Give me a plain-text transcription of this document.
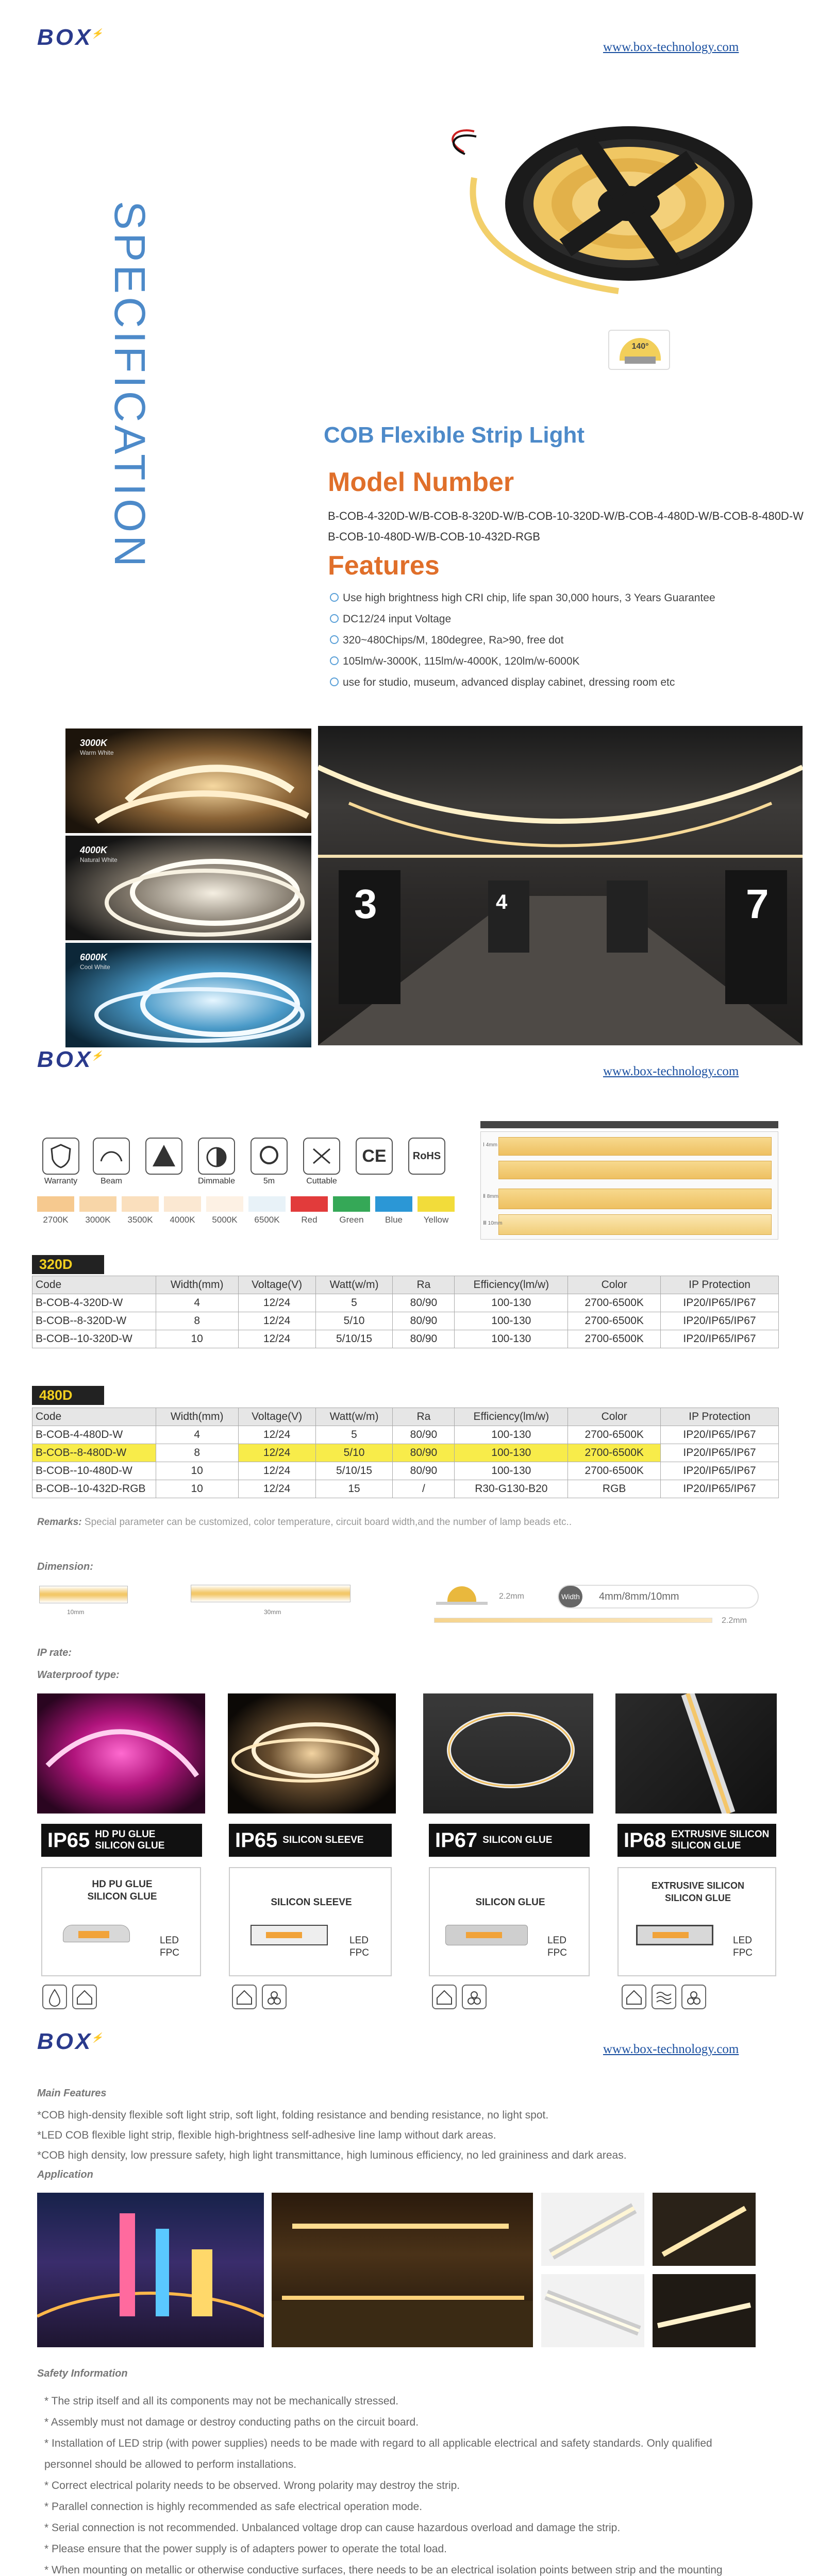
BOX⚡
www.box-technology.com
SPECIFICATION	140°
COB Flexible Strip Light
Model Number
B-COB-4-320D-W/B-COB-8-320D-W/B-COB-10-320D-W/B-COB-4-480D-W/B-COB-8-480D-W
B-COB-10-480D-W/B-COB-10-432D-RGB
Features
Use high brightness high CRI chip, life span 30,000 hours, 3 Years Guarantee
DC12/24 input Voltage
320~480Chips/M, 180degree, Ra>90, free dot
105lm/w-3000K, 115lm/w-4000K, 120lm/w-6000K
use for studio, museum, advanced display cabinet, dressing room etc
3000K
Warm White
4000K
Natural White
6000K
Cool White
3	4	7
BOX⚡
www.box-technology.com
CE	RoHS
Warranty	Beam	Dimmable	5m	Cuttable
2700K	3000K	3500K	4000K	5000K	6500K	Red	Green	Blue	Yellow
Ⅰ 4mm
Ⅱ 8mm
Ⅲ 10mm
320D
Code	Width(mm)	Voltage(V)	Watt(w/m)	Ra	Efficiency(lm/w)	Color	IP Protection
B-COB-4-320D-W	4	12/24	5	80/90	100-130	2700-6500K	IP20/IP65/IP67
B-COB--8-320D-W	8	12/24	5/10	80/90	100-130	2700-6500K	IP20/IP65/IP67
B-COB--10-320D-W	10	12/24	5/10/15	80/90	100-130	2700-6500K	IP20/IP65/IP67
480D
Code	Width(mm)	Voltage(V)	Watt(w/m)	Ra	Efficiency(lm/w)	Color	IP Protection
B-COB-4-480D-W	4	12/24	5	80/90	100-130	2700-6500K	IP20/IP65/IP67
B-COB--8-480D-W	8	12/24	5/10	80/90	100-130	2700-6500K	IP20/IP65/IP67
B-COB--10-480D-W	10	12/24	5/10/15	80/90	100-130	2700-6500K	IP20/IP65/IP67
B-COB--10-432D-RGB	10	12/24	15	/	R30-G130-B20	RGB	IP20/IP65/IP67
Remarks: Special parameter can be customized, color temperature, circuit board width,and the number of lamp beads etc..
Dimension:
10mm	30mm
2.2mm	Width 4mm/8mm/10mm
2.2mm
IP rate:
Waterproof type:
IP65 HD PU GLUE
SILICON GLUE	IP65 SILICON SLEEVE	IP67 SILICON GLUE	IP68 EXTRUSIVE SILICON
SILICON GLUE
HD PU GLUE
SILICON GLUE
LED
FPC
SILICON SLEEVE
LED
FPC
SILICON GLUE
LED
FPC
EXTRUSIVE SILICON
SILICON GLUE
LED
FPC
BOX⚡
www.box-technology.com
Main Features
*COB high-density flexible soft light strip, soft light, folding resistance and bending resistance, no light spot.
*LED COB flexible light strip, flexible high-brightness self-adhesive line lamp without dark areas.
*COB high density, low pressure safety, high light transmittance, high luminous efficiency, no led graininess and dark areas.
Application
Safety Information
* The strip itself and all its components may not be mechanically stressed.
* Assembly must not damage or destroy conducting paths on the circuit board.
* Installation of LED strip (with power supplies) needs to be made with regard to all applicable electrical and safety standards. Only qualified
personnel should be allowed to perform installations.
* Correct electrical polarity needs to be observed. Wrong polarity may destroy the strip.
* Parallel connection is highly recommended as safe electrical operation mode.
* Serial connection is not recommended. Unbalanced voltage drop can cause hazardous overload and damage the strip.
* Please ensure that the power supply is of adapters power to operate the total load.
* When mounting on metallic or otherwise conductive surfaces, there needs to be an electrical isolation points between strip and the mounting
